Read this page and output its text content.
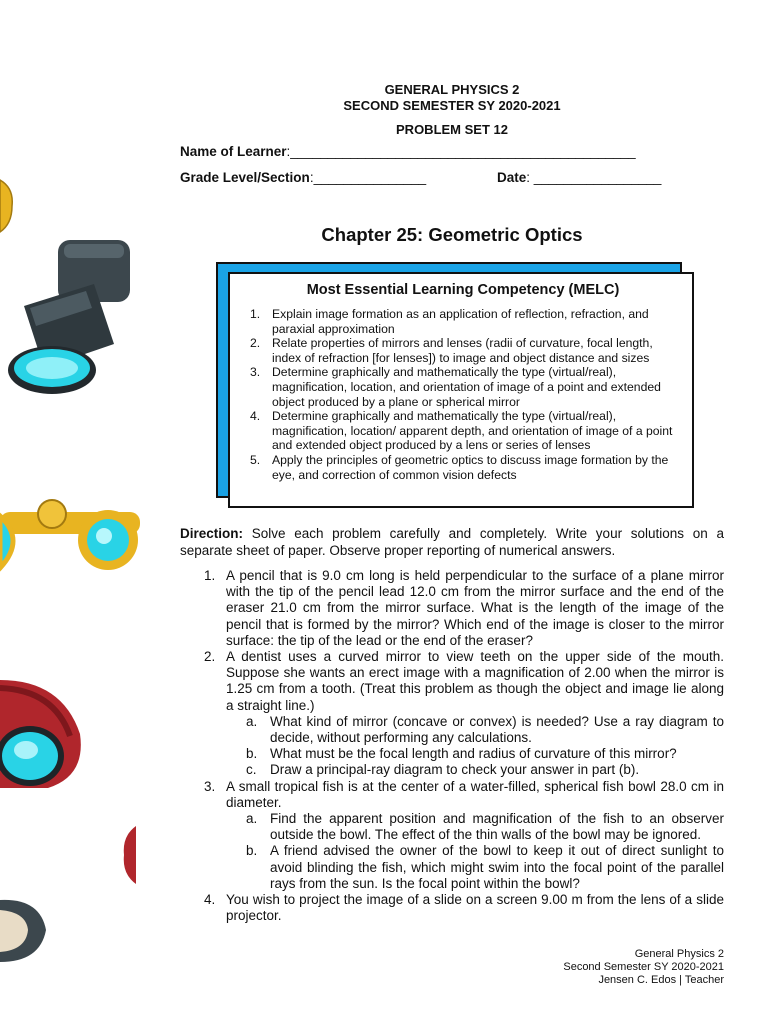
GENERAL PHYSICS 2
SECOND SEMESTER SY 2020-2021
PROBLEM SET 12
Name of Learner:______________________________________________
Grade Level/Section:_______________	Date: _________________
Chapter 25: Geometric Optics
Most Essential Learning Competency (MELC)
1. Explain image formation as an application of reflection, refraction, and paraxial approximation
2. Relate properties of mirrors and lenses (radii of curvature, focal length, index of refraction [for lenses]) to image and object distance and sizes
3. Determine graphically and mathematically the type (virtual/real), magnification, location, and orientation of image of a point and extended object produced by a plane or spherical mirror
4. Determine graphically and mathematically the type (virtual/real), magnification, location/ apparent depth, and orientation of image of a point and extended object produced by a lens or series of lenses
5. Apply the principles of geometric optics to discuss image formation by the eye, and correction of common vision defects
Direction: Solve each problem carefully and completely. Write your solutions on a separate sheet of paper. Observe proper reporting of numerical answers.
1. A pencil that is 9.0 cm long is held perpendicular to the surface of a plane mirror with the tip of the pencil lead 12.0 cm from the mirror surface and the end of the eraser 21.0 cm from the mirror surface. What is the length of the image of the pencil that is formed by the mirror? Which end of the image is closer to the mirror surface: the tip of the lead or the end of the eraser?
2. A dentist uses a curved mirror to view teeth on the upper side of the mouth. Suppose she wants an erect image with a magnification of 2.00 when the mirror is 1.25 cm from a tooth. (Treat this problem as though the object and image lie along a straight line.)
a. What kind of mirror (concave or convex) is needed? Use a ray diagram to decide, without performing any calculations.
b. What must be the focal length and radius of curvature of this mirror?
c. Draw a principal-ray diagram to check your answer in part (b).
3. A small tropical fish is at the center of a water-filled, spherical fish bowl 28.0 cm in diameter.
a. Find the apparent position and magnification of the fish to an observer outside the bowl. The effect of the thin walls of the bowl may be ignored.
b. A friend advised the owner of the bowl to keep it out of direct sunlight to avoid blinding the fish, which might swim into the focal point of the parallel rays from the sun. Is the focal point within the bowl?
4. You wish to project the image of a slide on a screen 9.00 m from the lens of a slide projector.
General Physics 2
Second Semester SY 2020-2021
Jensen C. Edos | Teacher
